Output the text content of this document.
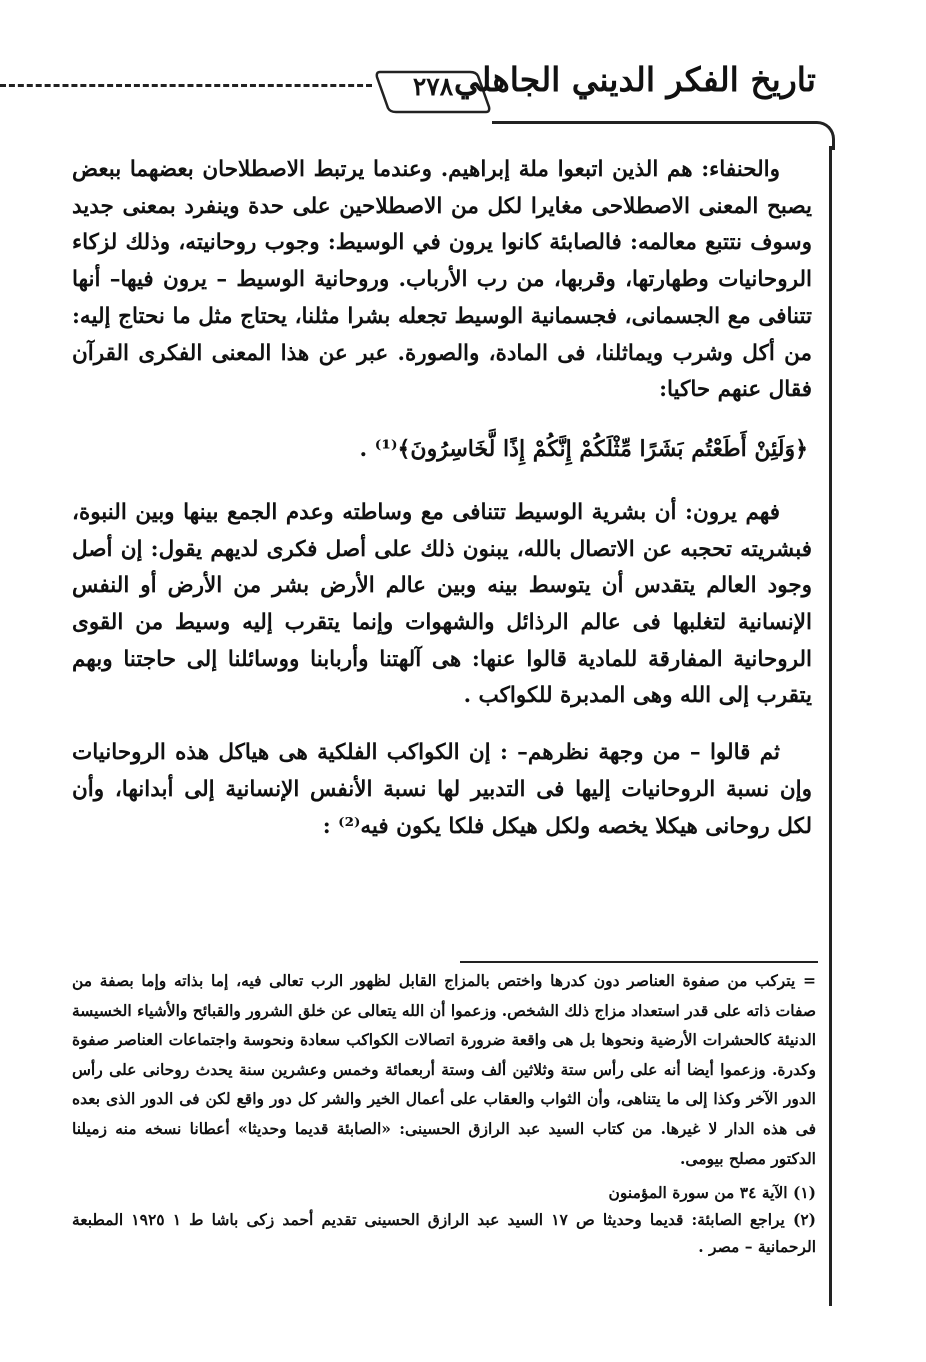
٢٧٨ تاريخ الفكر الديني الجاهلي

والحنفاء: هم الذين اتبعوا ملة إبراهيم. وعندما يرتبط الاصطلاحان بعضهما ببعض يصبح المعنى الاصطلاحى مغايرا لكل من الاصطلاحين على حدة وينفرد بمعنى جديد وسوف نتتبع معالمه: فالصابئة كانوا يرون في الوسيط: وجوب روحانيته، وذلك لزكاء الروحانيات وطهارتها، وقربها، من رب الأرباب. وروحانية الوسيط – يرون فيها– أنها تتنافى مع الجسمانى، فجسمانية الوسيط تجعله بشرا مثلنا، يحتاج مثل ما نحتاج إليه: من أكل وشرب ويماثلنا، فى المادة، والصورة. عبر عن هذا المعنى الفكرى القرآن فقال عنهم حاكيا:

﴿وَلَئِنْ أَطَعْتُم بَشَرًا مِّثْلَكُمْ إِنَّكُمْ إِذًا لَّخَاسِرُونَ﴾⁽¹⁾ .

فهم يرون: أن بشرية الوسيط تتنافى مع وساطته وعدم الجمع بينها وبين النبوة، فبشريته تحجبه عن الاتصال بالله، يبنون ذلك على أصل فكرى لديهم يقول: إن أصل وجود العالم يتقدس أن يتوسط بينه وبين عالم الأرض بشر من الأرض أو النفس الإنسانية لتغلبها فى عالم الرذائل والشهوات وإنما يتقرب إليه وسيط من القوى الروحانية المفارقة للمادية قالوا عنها: هى آلهتنا وأربابنا ووسائلنا إلى حاجتنا وبهم يتقرب إلى الله وهى المدبرة للكواكب .

ثم قالوا – من وجهة نظرهم– : إن الكواكب الفلكية هى هياكل هذه الروحانيات وإن نسبة الروحانيات إليها فى التدبير لها نسبة الأنفس الإنسانية إلى أبدانها، وأن لكل روحانى هيكلا يخصه ولكل هيكل فلكا يكون فيه⁽²⁾ :

= يتركب من صفوة العناصر دون كدرها واختص بالمزاج القابل لظهور الرب تعالى فيه، إما بذاته وإما بصفة من صفات ذاته على قدر استعداد مزاج ذلك الشخص. وزعموا أن الله يتعالى عن خلق الشرور والقبائح والأشياء الخسيسة الدنيئة كالحشرات الأرضية ونحوها بل هى واقعة ضرورة اتصالات الكواكب سعادة ونحوسة واجتماعات العناصر صفوة وكدرة. وزعموا أيضا أنه على رأس ستة وثلاثين ألف وستة أربعمائة وخمس وعشرين سنة يحدث روحانى على رأس الدور الآخر وكذا إلى ما يتناهى، وأن الثواب والعقاب على أعمال الخير والشر كل دور واقع لكن فى الدور الذى بعده فى هذه الدار لا غيرها. من كتاب السيد عبد الرازق الحسينى: «الصابئة قديما وحديثا» أعطانا نسخه منه زميلنا الدكتور مصلح بيومى.

(١) الآية ٣٤ من سورة المؤمنون
(٢) يراجع الصابئة: قديما وحديثا ص ١٧ السيد عبد الرازق الحسينى تقديم أحمد زكى باشا ط ١ ١٩٢٥ المطبعة الرحمانية – مصر .
